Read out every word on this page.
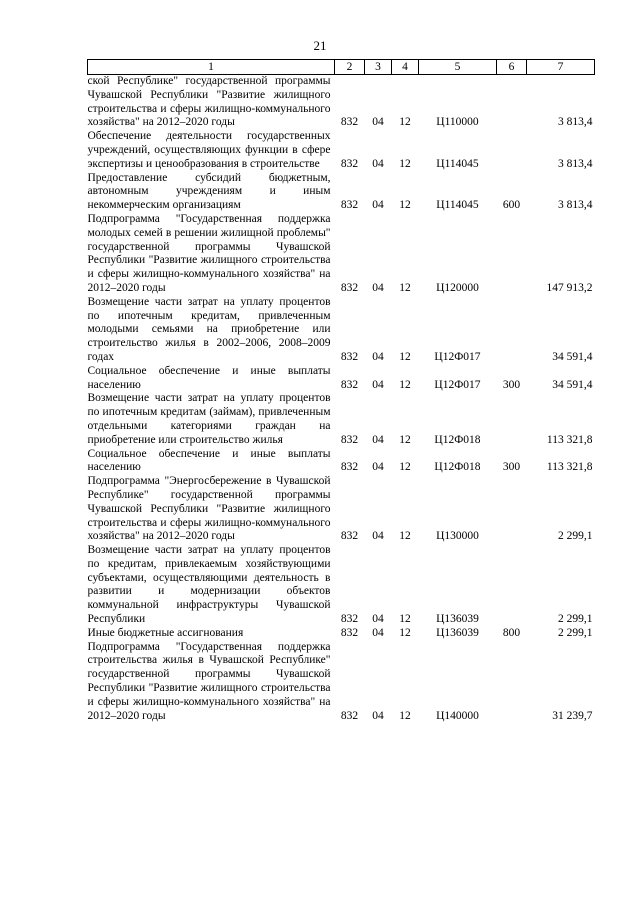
21
1	2	3	4	5	6	7
ской Республике" государственной программы Чувашской Республики "Развитие жилищного строительства и сферы жилищно-коммунального хозяйства" на 2012–2020 годы	832	04	12	Ц110000		3 813,4
Обеспечение деятельности государственных учреждений, осуществляющих функции в сфере экспертизы и ценообразования в строительстве	832	04	12	Ц114045		3 813,4
Предоставление субсидий бюджетным, автономным учреждениям и иным некоммерческим организациям	832	04	12	Ц114045	600	3 813,4
Подпрограмма "Государственная поддержка молодых семей в решении жилищной проблемы" государственной программы Чувашской Республики "Развитие жилищного строительства и сферы жилищно-коммунального хозяйства" на 2012–2020 годы	832	04	12	Ц120000		147 913,2
Возмещение части затрат на уплату процентов по ипотечным кредитам, привлеченным молодыми семьями на приобретение или строительство жилья в 2002–2006, 2008–2009 годах	832	04	12	Ц12Ф017		34 591,4
Социальное обеспечение и иные выплаты населению	832	04	12	Ц12Ф017	300	34 591,4
Возмещение части затрат на уплату процентов по ипотечным кредитам (займам), привлеченным отдельными категориями граждан на приобретение или строительство жилья	832	04	12	Ц12Ф018		113 321,8
Социальное обеспечение и иные выплаты населению	832	04	12	Ц12Ф018	300	113 321,8
Подпрограмма "Энергосбережение в Чувашской Республике" государственной программы Чувашской Республики "Развитие жилищного строительства и сферы жилищно-коммунального хозяйства" на 2012–2020 годы	832	04	12	Ц130000		2 299,1
Возмещение части затрат на уплату процентов по кредитам, привлекаемым хозяйствующими субъектами, осуществляющими деятельность в развитии и модернизации объектов коммунальной инфраструктуры Чувашской Республики	832	04	12	Ц136039		2 299,1
Иные бюджетные ассигнования	832	04	12	Ц136039	800	2 299,1
Подпрограмма "Государственная поддержка строительства жилья в Чувашской Республике" государственной программы Чувашской Республики "Развитие жилищного строительства и сферы жилищно-коммунального хозяйства" на 2012–2020 годы	832	04	12	Ц140000		31 239,7
